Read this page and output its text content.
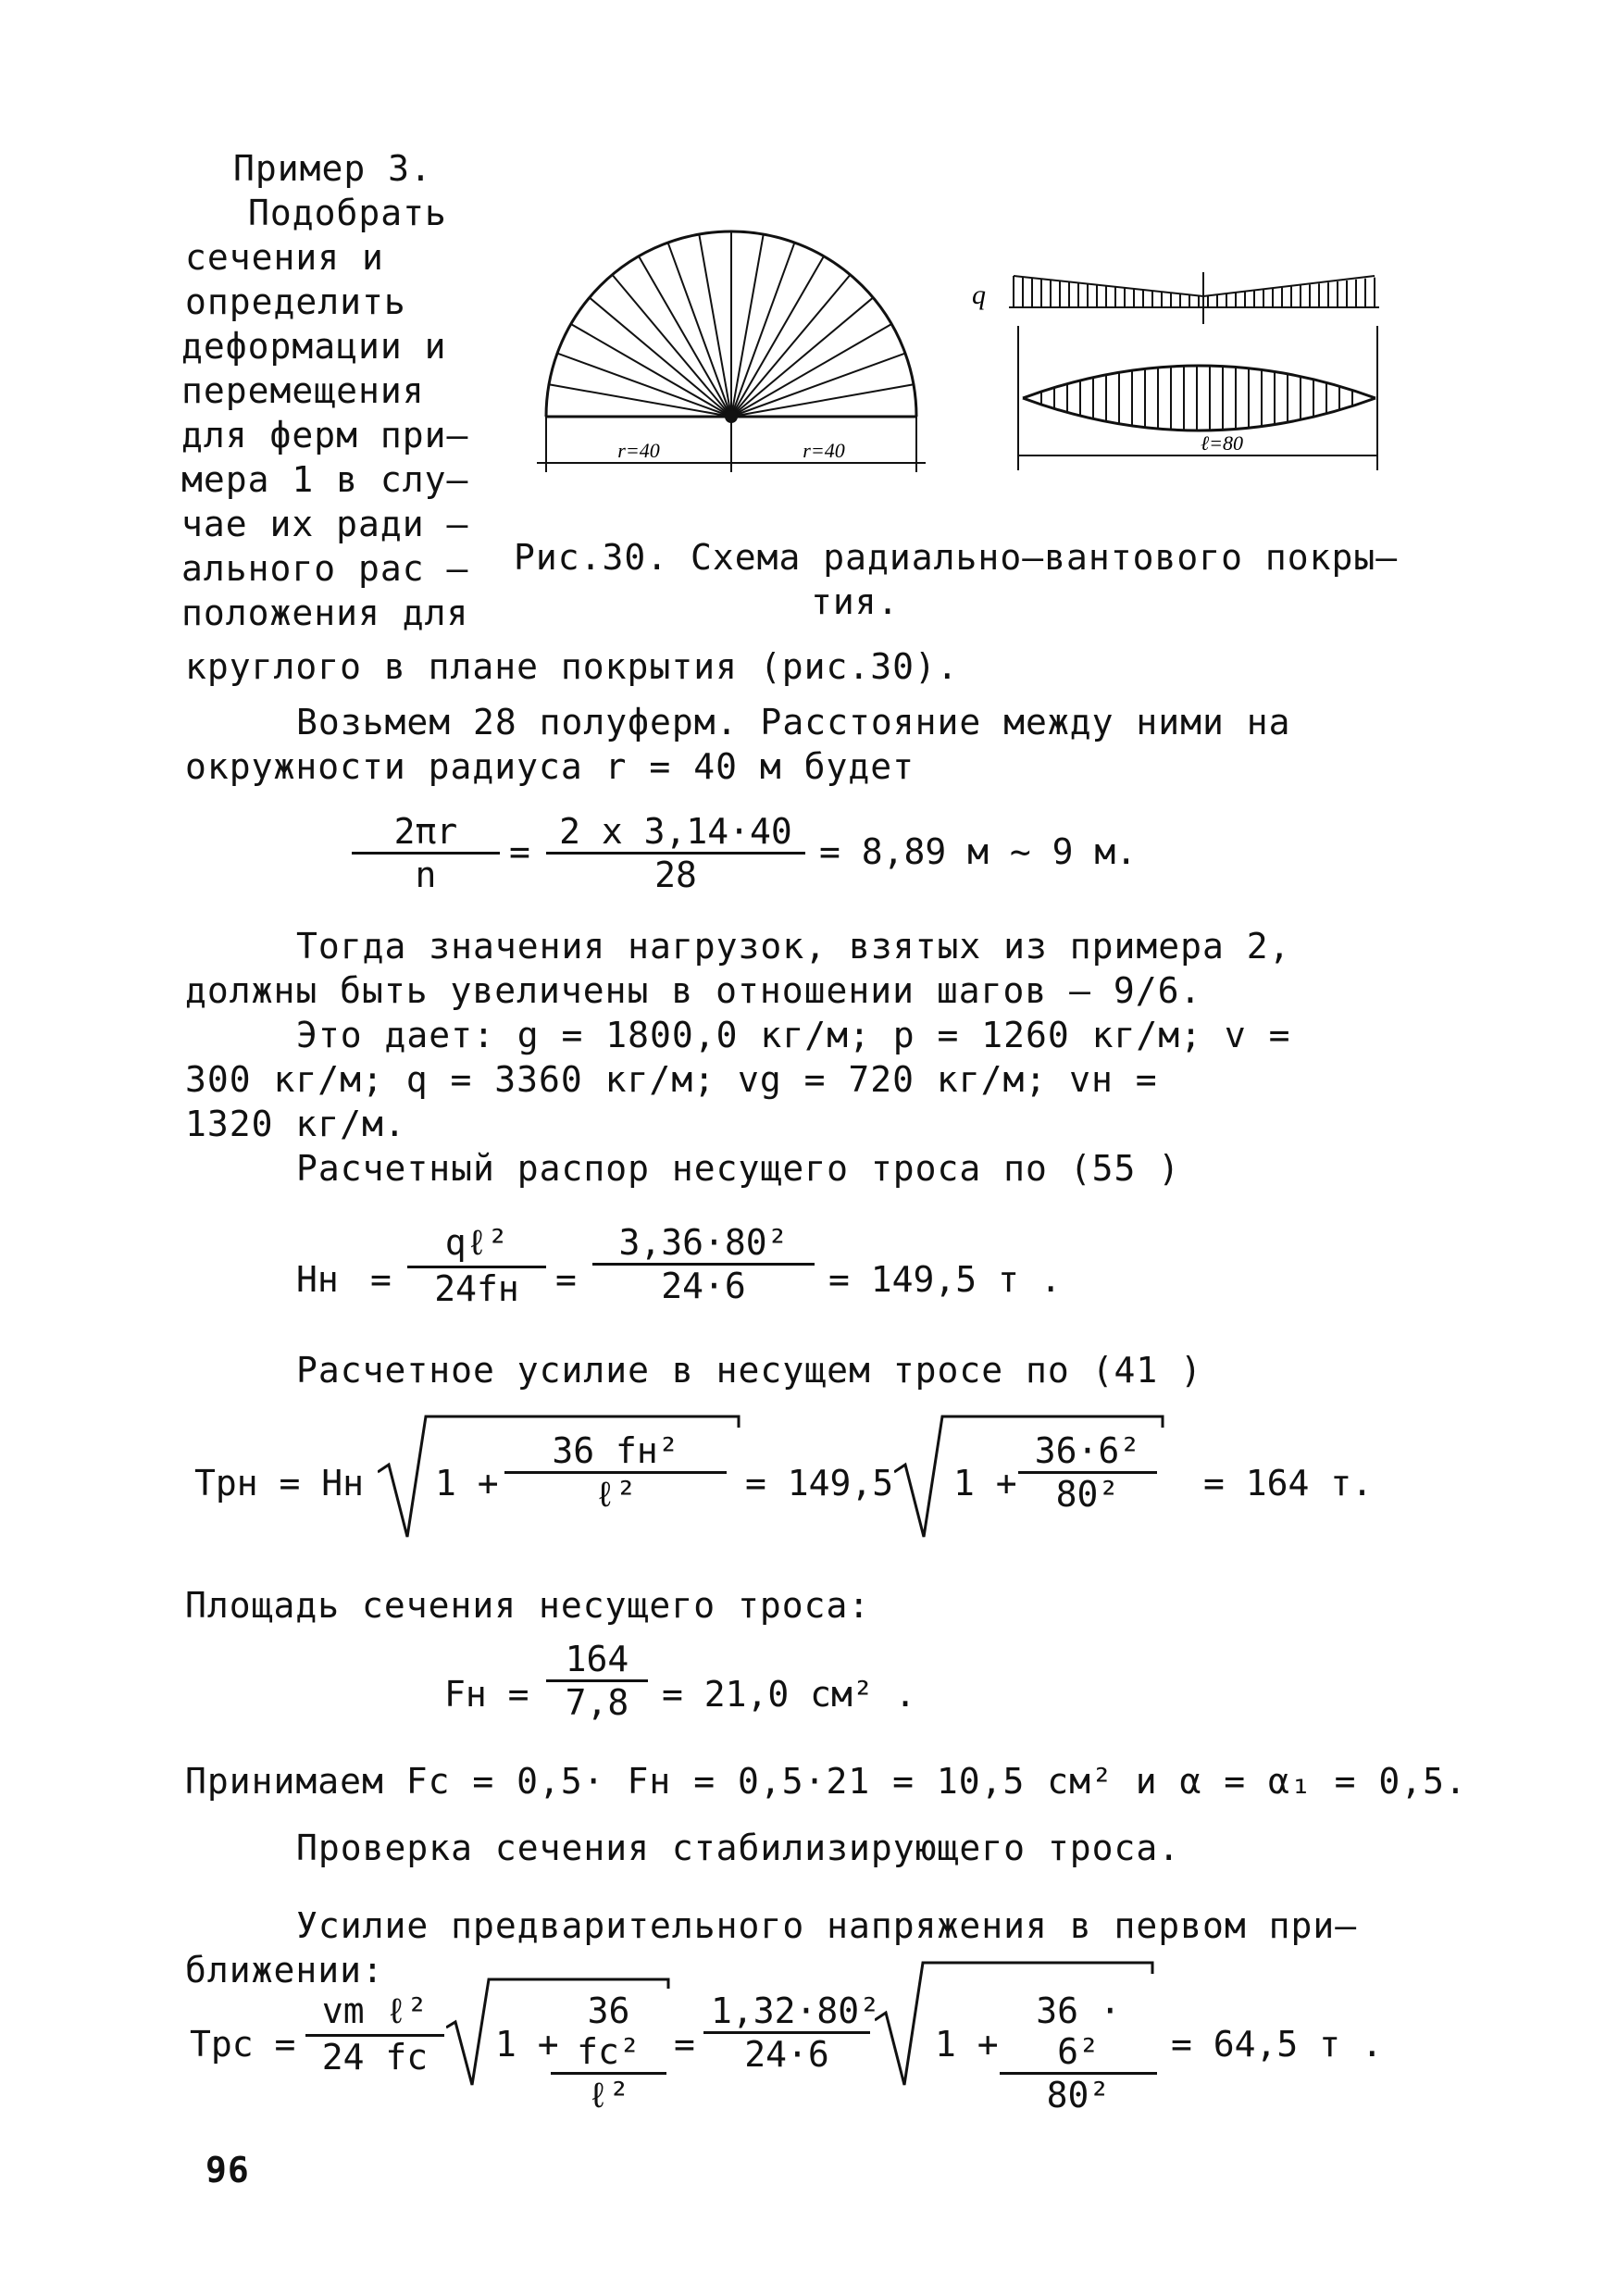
Пример 3.
Подобрать
сечения и
определить
деформации и
перемещения
для ферм при–
мера 1 в слу–
чае их ради –
ального рас –
положения для
круглого в плане покрытия (рис.30).
r=40	r=40
q
ℓ=80
Рис.30. Схема радиально–вантового покры–
тия.
Возьмем 28 полуферм. Расстояние между ними на
окружности радиуса r = 40 м будет
$\frac{2\pi r}{n} = \frac{2 x 3,14\cdot 40}{28} = 8,89$ м ~ 9 м.
Тогда значения нагрузок, взятых из примера 2,
должны быть увеличены в отношении шагов – 9/6.
Это дает: g = 1800,0 кг/м; p = 1260 кг/м; v =
300 кг/м; q = 3360 кг/м; vg = 720 кг/м; vн =
1320 кг/м.
Расчетный распор несущего троса по (55 )
Hн =
qℓ²
24fн	= $\frac{\text{3,36·80²}}{24\cdot 6} = 149,5$ т .
Расчетное усилие в несущем тросе по (41 )
Tрн = Hн 1 +
36 fн²
ℓ²	= 149,5 $1 + \frac{\text{36·6²}}{\text{80²}} = 164$ т.
Площадь сечения несущего троса:
Fн = $\frac{164}{7,8} = 21,0$ см² .
Принимаем Fc = 0,5· Fн = 0,5·21 = 10,5 см² и α = α₁ = 0,5.
Проверка сечения стабилизирующего троса.
Усилие предварительного напряжения в первом при–
ближении:
Tрс =
vm ℓ²
24 fc	1 +
36 fc²
ℓ²
= $\frac{\text{1,32·80²}}{24\cdot 6} 1 + \frac{\text{36 · 6²}}{\text{80²}} = 64,5$ т .
96
